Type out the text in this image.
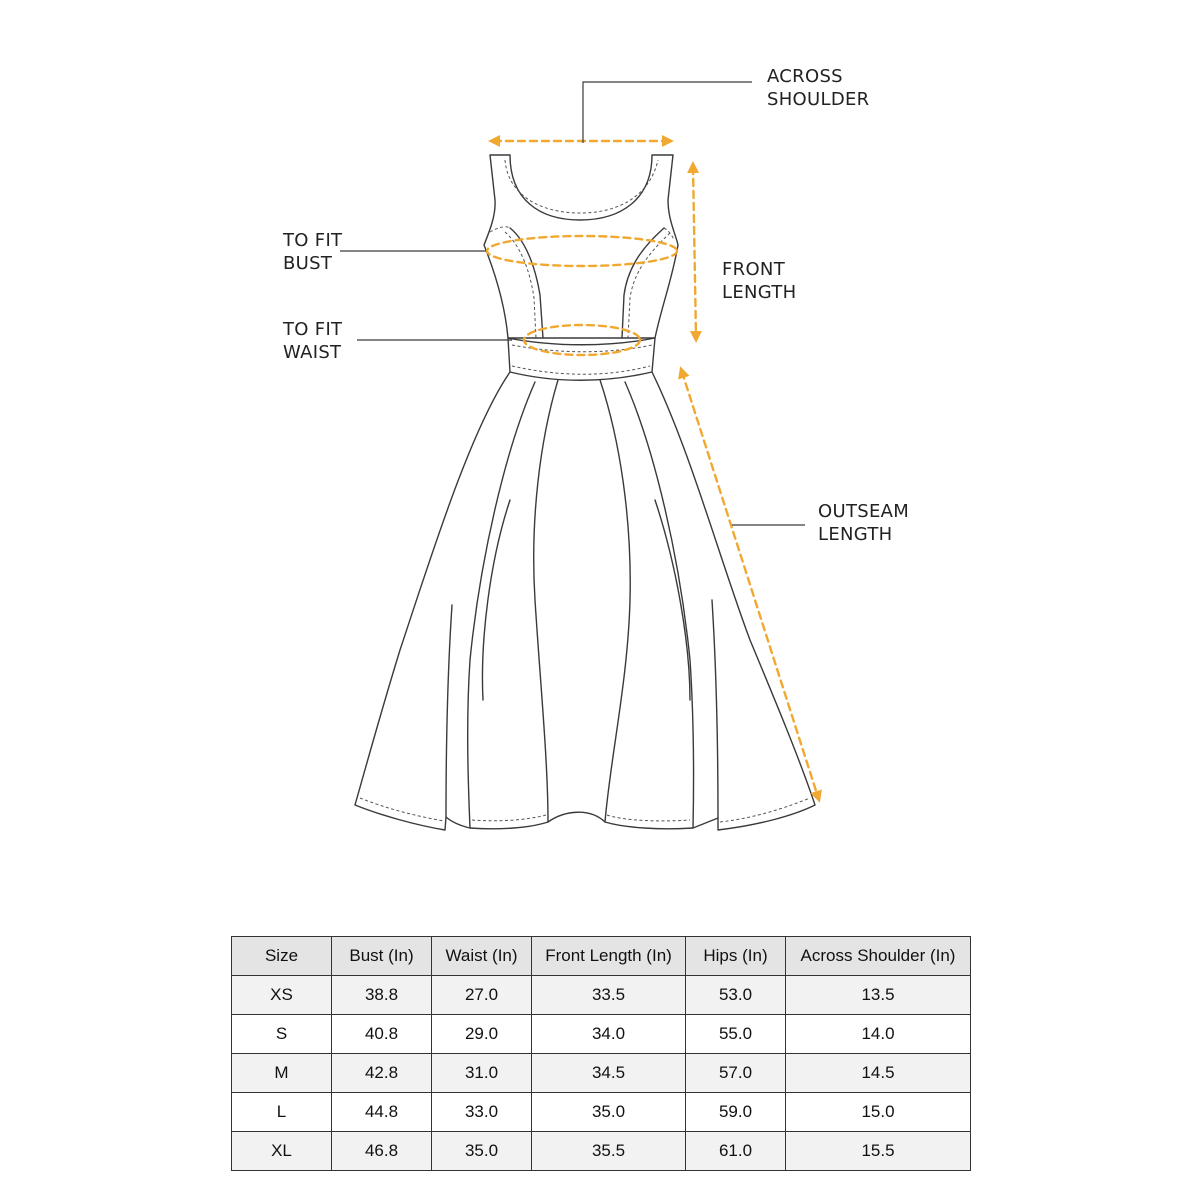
ACROSS SHOULDER
TO FIT BUST
TO FIT WAIST
FRONT LENGTH
OUTSEAM LENGTH
Size	Bust (In)	Waist (In)	Front Length (In)	Hips (In)	Across Shoulder (In)
XS	38.8	27.0	33.5	53.0	13.5
S	40.8	29.0	34.0	55.0	14.0
M	42.8	31.0	34.5	57.0	14.5
L	44.8	33.0	35.0	59.0	15.0
XL	46.8	35.0	35.5	61.0	15.5
